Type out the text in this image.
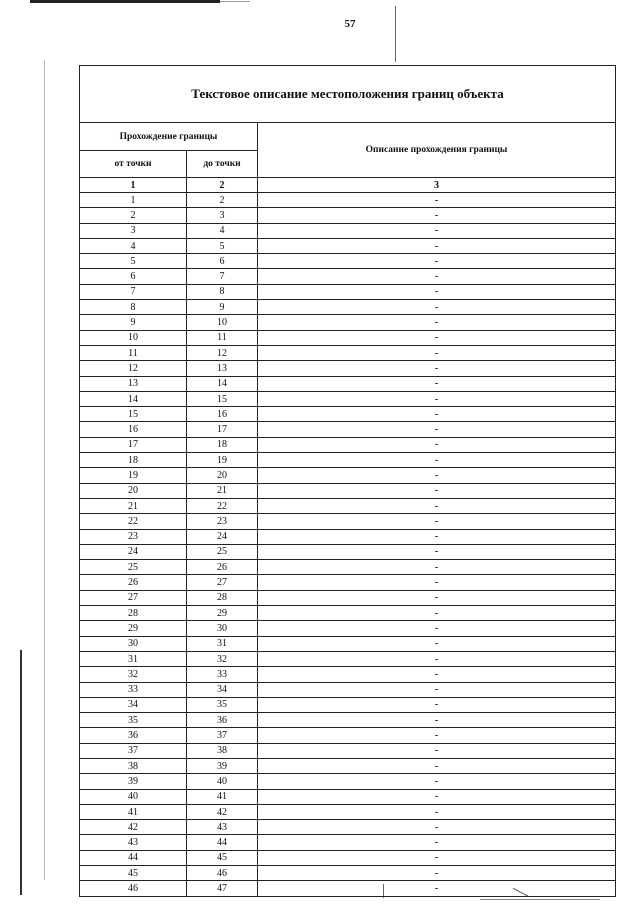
57
Текстовое описание местоположения границ объекта		
Прохождение границы		Описание прохождения границы
от точки	до точки	
1	2	3
1	2	-
2	3	-
3	4	-
4	5	-
5	6	-
6	7	-
7	8	-
8	9	-
9	10	-
10	11	-
11	12	-
12	13	-
13	14	-
14	15	-
15	16	-
16	17	-
17	18	-
18	19	-
19	20	-
20	21	-
21	22	-
22	23	-
23	24	-
24	25	-
25	26	-
26	27	-
27	28	-
28	29	-
29	30	-
30	31	-
31	32	-
32	33	-
33	34	-
34	35	-
35	36	-
36	37	-
37	38	-
38	39	-
39	40	-
40	41	-
41	42	-
42	43	-
43	44	-
44	45	-
45	46	-
46	47	-
